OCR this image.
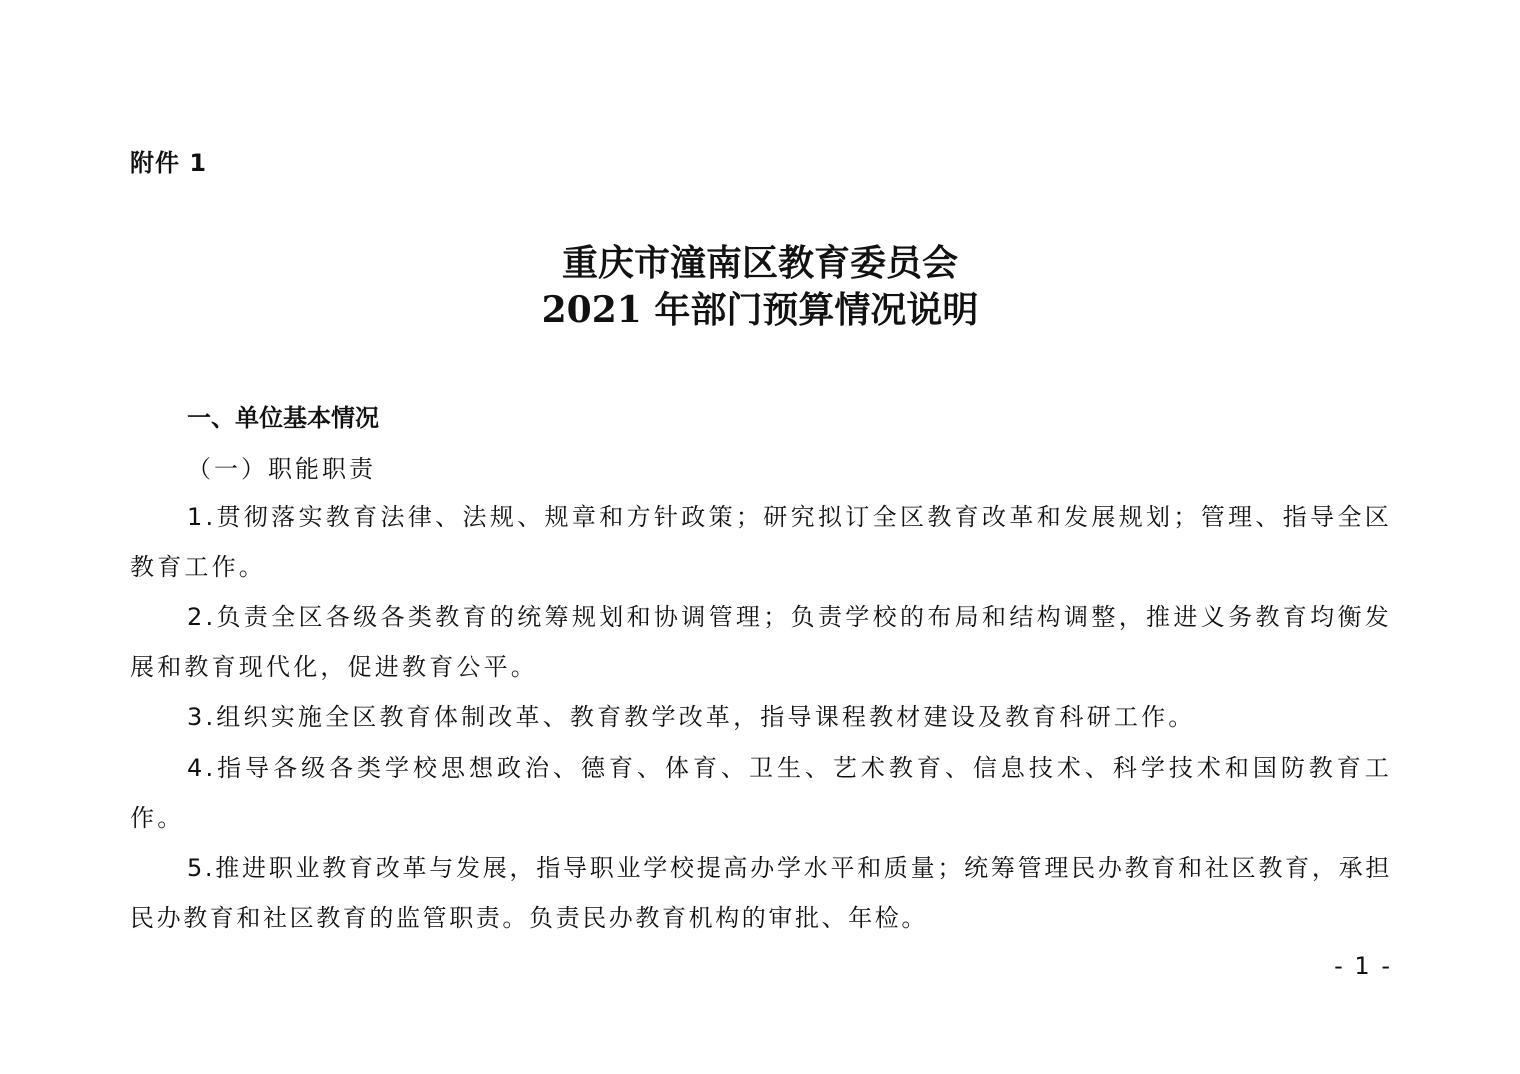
附件 1
重庆市潼南区教育委员会
2021 年部门预算情况说明
一、单位基本情况
（一）职能职责

1.贯彻落实教育法律、法规、规章和方针政策；研究拟订全区教育改革和发展规划；管理、指导全区教育工作。

2.负责全区各级各类教育的统筹规划和协调管理；负责学校的布局和结构调整，推进义务教育均衡发展和教育现代化，促进教育公平。

3.组织实施全区教育体制改革、教育教学改革，指导课程教材建设及教育科研工作。

4.指导各级各类学校思想政治、德育、体育、卫生、艺术教育、信息技术、科学技术和国防教育工作。

5.推进职业教育改革与发展，指导职业学校提高办学水平和质量；统筹管理民办教育和社区教育，承担民办教育和社区教育的监管职责。负责民办教育机构的审批、年检。

- 1 -
